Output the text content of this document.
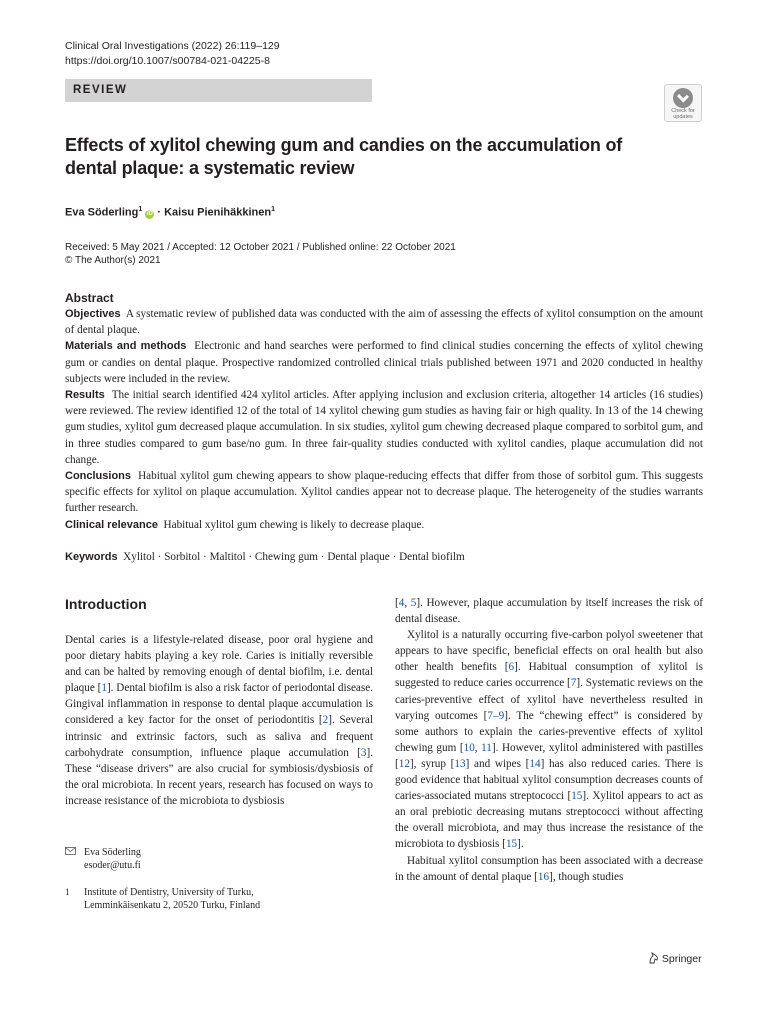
Clinical Oral Investigations (2022) 26:119–129
https://doi.org/10.1007/s00784-021-04225-8
REVIEW
Check for
updates
Effects of xylitol chewing gum and candies on the accumulation of dental plaque: a systematic review
Eva Söderling$^1$ iD · Kaisu Pienihäkkinen$^1$
Received: 5 May 2021 / Accepted: 12 October 2021 / Published online: 22 October 2021
© The Author(s) 2021
Abstract

Objectives A systematic review of published data was conducted with the aim of assessing the effects of xylitol consumption on the amount of dental plaque.

Materials and methods Electronic and hand searches were performed to find clinical studies concerning the effects of xylitol chewing gum or candies on dental plaque. Prospective randomized controlled clinical trials published between 1971 and 2020 conducted in healthy subjects were included in the review.

Results The initial search identified 424 xylitol articles. After applying inclusion and exclusion criteria, altogether 14 articles (16 studies) were reviewed. The review identified 12 of the total of 14 xylitol chewing gum studies as having fair or high quality. In 13 of the 14 chewing gum studies, xylitol gum decreased plaque accumulation. In six studies, xylitol gum chewing decreased plaque compared to sorbitol gum, and in three studies compared to gum base/no gum. In three fair-quality studies conducted with xylitol candies, plaque accumulation did not change.

Conclusions Habitual xylitol gum chewing appears to show plaque-reducing effects that differ from those of sorbitol gum. This suggests specific effects for xylitol on plaque accumulation. Xylitol candies appear not to decrease plaque. The heterogeneity of the studies warrants further research.

Clinical relevance Habitual xylitol gum chewing is likely to decrease plaque.

Keywords Xylitol · Sorbitol · Maltitol · Chewing gum · Dental plaque · Dental biofilm
Introduction

Dental caries is a lifestyle-related disease, poor oral hygiene and poor dietary habits playing a key role. Caries is initially reversible and can be halted by removing enough of dental biofilm, i.e. dental plaque [1]. Dental biofilm is also a risk factor of periodontal disease. Gingival inflammation in response to dental plaque accumulation is considered a key factor for the onset of periodontitis [2]. Several intrinsic and extrinsic factors, such as saliva and frequent carbohydrate consumption, influence plaque accumulation [3]. These “disease drivers” are also crucial for symbiosis/dysbiosis of the oral microbiota. In recent years, research has focused on ways to increase resistance of the microbiota to dysbiosis

[4, 5]. However, plaque accumulation by itself increases the risk of dental disease.

Xylitol is a naturally occurring five-carbon polyol sweetener that appears to have specific, beneficial effects on oral health but also other health benefits [6]. Habitual consumption of xylitol is suggested to reduce caries occurrence [7]. Systematic reviews on the caries-preventive effect of xylitol have nevertheless resulted in varying outcomes [7–9]. The “chewing effect” is considered by some authors to explain the caries-preventive effects of xylitol chewing gum [10, 11]. However, xylitol administered with pastilles [12], syrup [13] and wipes [14] has also reduced caries. There is good evidence that habitual xylitol consumption decreases counts of caries-associated mutans streptococci [15]. Xylitol appears to act as an oral prebiotic decreasing mutans streptococci without affecting the overall microbiota, and may thus increase the resistance of the microbiota to dysbiosis [15].

Habitual xylitol consumption has been associated with a decrease in the amount of dental plaque [16], though studies

Eva Söderling
esoder@utu.fi
1	Institute of Dentistry, University of Turku,
Lemminkäisenkatu 2, 20520 Turku, Finland
Springer
